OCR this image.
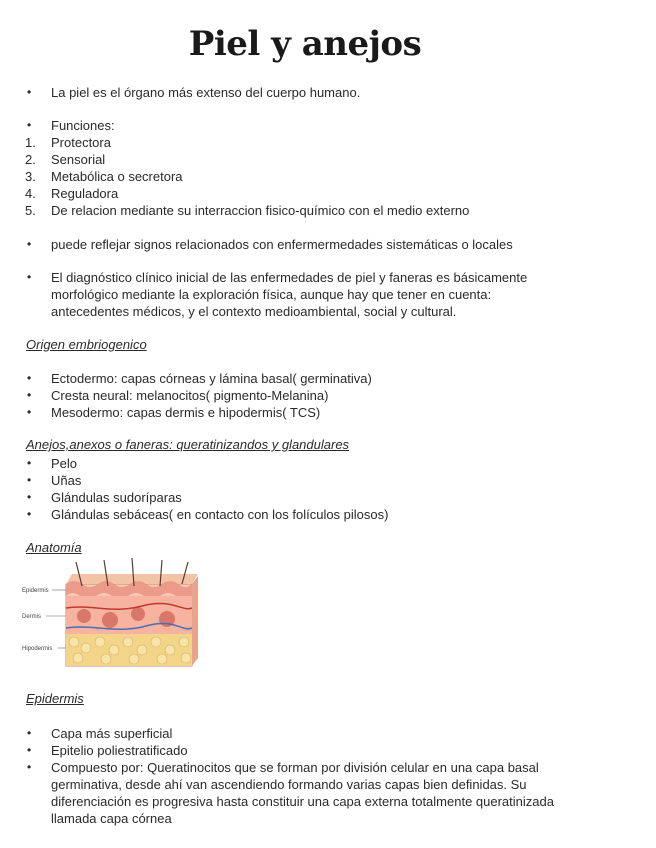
Piel y anejos
•	La piel es el órgano más extenso del cuerpo humano.
•	Funciones:
1.	Protectora
2.	Sensorial
3.	Metabólica o secretora
4.	Reguladora
5.	De relacion mediante su interraccion fisico-químico con el medio externo
•	puede reflejar signos relacionados con enfermermedades sistemáticas o locales
•	El diagnóstico clínico inicial de las enfermedades de piel y faneras es básicamente
morfológico mediante la exploración física, aunque hay que tener en cuenta:
antecedentes médicos, y el contexto medioambiental, social y cultural.
Origen embriogenico
•	Ectodermo: capas córneas y lámina basal( germinativa)
•	Cresta neural: melanocitos( pigmento-Melanina)
•	Mesodermo: capas dermis e hipodermis( TCS)
Anejos,anexos o faneras: queratinizandos y glandulares
•	Pelo
•	Uñas
•	Glándulas sudoríparas
•	Glándulas sebáceas( en contacto con los folículos pilosos)
Anatomía
Epidermis
Dermis
Hipodermis
Epidermis
•	Capa más superficial
•	Epitelio poliestratificado
•	Compuesto por: Queratinocitos que se forman por división celular en una capa basal
germinativa, desde ahí van ascendiendo formando varias capas bien definidas. Su
diferenciación es progresiva hasta constituir una capa externa totalmente queratinizada
llamada capa córnea
